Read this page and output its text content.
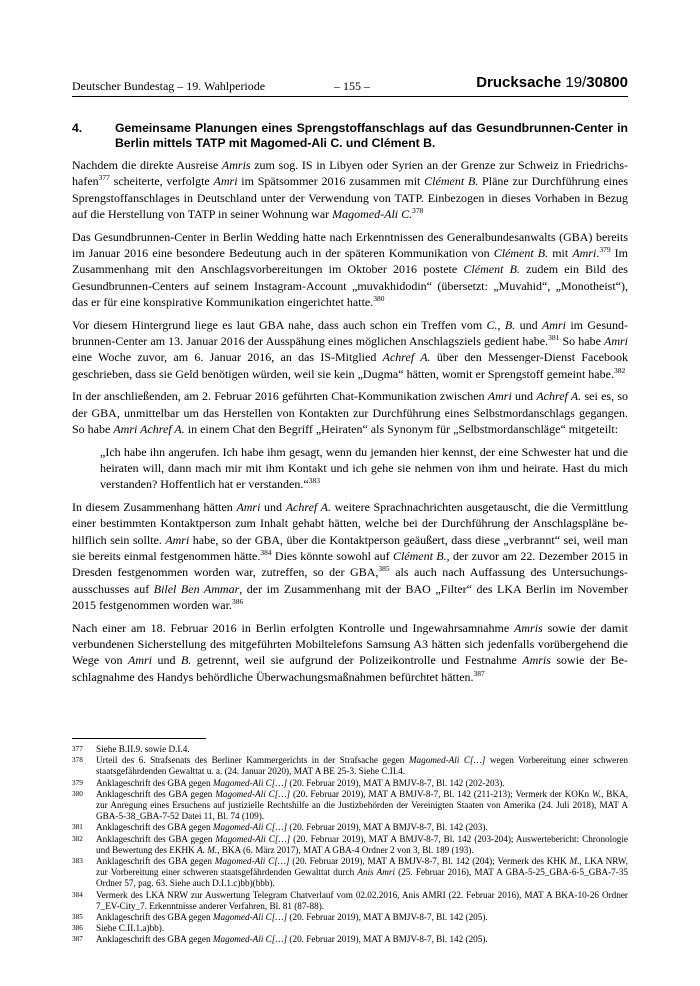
Deutscher Bundestag – 19. Wahlperiode	– 155 –	Drucksache 19/30800
4.	Gemeinsame Planungen eines Sprengstoffanschlags auf das Gesundbrunnen-Center in Berlin mittels TATP mit Magomed-Ali C. und Clément B.

Nachdem die direkte Ausreise Amris zum sog. IS in Libyen oder Syrien an der Grenze zur Schweiz in Friedrichshafen$^{377}$ scheiterte, verfolgte Amri im Spätsommer 2016 zusammen mit Clément B. Pläne zur Durchführung eines Sprengstoffanschlages in Deutschland unter der Verwendung von TATP. Einbezogen in dieses Vorhaben in Bezug auf die Herstellung von TATP in seiner Wohnung war Magomed-Ali C.$^{378}$

Das Gesundbrunnen-Center in Berlin Wedding hatte nach Erkenntnissen des Generalbundesanwalts (GBA) bereits im Januar 2016 eine besondere Bedeutung auch in der späteren Kommunikation von Clément B. mit Amri.$^{379}$ Im Zusammenhang mit den Anschlagsvorbereitungen im Oktober 2016 postete Clément B. zudem ein Bild des Gesundbrunnen-Centers auf seinem Instagram-Account „muvakhidodin“ (übersetzt: „Muvahid“, „Monotheist“), das er für eine konspirative Kommunikation eingerichtet hatte.$^{380}$

Vor diesem Hintergrund liege es laut GBA nahe, dass auch schon ein Treffen vom C., B. und Amri im Gesundbrunnen-Center am 13. Januar 2016 der Ausspähung eines möglichen Anschlagsziels gedient habe.$^{381}$ So habe Amri eine Woche zuvor, am 6. Januar 2016, an das IS-Mitglied Achref A. über den Messenger-Dienst Facebook geschrieben, dass sie Geld benötigen würden, weil sie kein „Dugma“ hätten, womit er Sprengstoff gemeint habe.$^{382}$

In der anschließenden, am 2. Februar 2016 geführten Chat-Kommunikation zwischen Amri und Achref A. sei es, so der GBA, unmittelbar um das Herstellen von Kontakten zur Durchführung eines Selbstmordanschlags gegangen. So habe Amri Achref A. in einem Chat den Begriff „Heiraten“ als Synonym für „Selbstmordanschläge“ mitgeteilt:

„Ich habe ihn angerufen. Ich habe ihm gesagt, wenn du jemanden hier kennst, der eine Schwester hat und die heiraten will, dann mach mir mit ihm Kontakt und ich gehe sie nehmen von ihm und heirate. Hast du mich verstanden? Hoffentlich hat er verstanden.“$^{383}$

In diesem Zusammenhang hätten Amri und Achref A. weitere Sprachnachrichten ausgetauscht, die die Vermittlung einer bestimmten Kontaktperson zum Inhalt gehabt hätten, welche bei der Durchführung der Anschlagspläne behilflich sein sollte. Amri habe, so der GBA, über die Kontaktperson geäußert, dass diese „verbrannt“ sei, weil man sie bereits einmal festgenommen hätte.$^{384}$ Dies könnte sowohl auf Clément B., der zuvor am 22. Dezember 2015 in Dresden festgenommen worden war, zutreffen, so der GBA,$^{385}$ als auch nach Auffassung des Untersuchungsausschusses auf Bilel Ben Ammar, der im Zusammenhang mit der BAO „Filter“ des LKA Berlin im November 2015 festgenommen worden war.$^{386}$

Nach einer am 18. Februar 2016 in Berlin erfolgten Kontrolle und Ingewahrsamnahme Amris sowie der damit verbundenen Sicherstellung des mitgeführten Mobiltelefons Samsung A3 hätten sich jedenfalls vorübergehend die Wege von Amri und B. getrennt, weil sie aufgrund der Polizeikontrolle und Festnahme Amris sowie der Beschlagnahme des Handys behördliche Überwachungsmaßnahmen befürchtet hätten.$^{387}$

377	Siehe B.II.9. sowie D.I.4.
378	Urteil des 6. Strafsenats des Berliner Kammergerichts in der Strafsache gegen Magomed-Ali C[…] wegen Vorbereitung einer schweren staatsgefährdenden Gewalttat u. a. (24. Januar 2020), MAT A BE 25-3. Siehe C.II.4.
379	Anklageschrift des GBA gegen Magomed-Ali C[…] (20. Februar 2019), MAT A BMJV-8-7, Bl. 142 (202-203).
380	Anklageschrift des GBA gegen Magomed-Ali C[…] (20. Februar 2019), MAT A BMJV-8-7, Bl. 142 (211-213); Vermerk der KOKn W., BKA, zur Anregung eines Ersuchens auf justizielle Rechtshilfe an die Justizbehörden der Vereinigten Staaten von Amerika (24. Juli 2018), MAT A GBA-5-38_GBA-7-52 Datei 11, Bl. 74 (109).
381	Anklageschrift des GBA gegen Magomed-Ali C[…] (20. Februar 2019), MAT A BMJV-8-7, Bl. 142 (203).
382	Anklageschrift des GBA gegen Magomed-Ali C[…] (20. Februar 2019), MAT A BMJV-8-7, Bl. 142 (203-204); Auswertebericht: Chronologie und Bewertung des EKHK A. M., BKA (6. März 2017), MAT A GBA-4 Ordner 2 von 3, Bl. 189 (193).
383	Anklageschrift des GBA gegen Magomed-Ali C[…] (20. Februar 2019), MAT A BMJV-8-7, Bl. 142 (204); Vermerk des KHK M., LKA NRW, zur Vorbereitung einer schweren staatsgefährdenden Gewalttat durch Anis Amri (25. Februar 2016), MAT A GBA-5-25_GBA-6-5_GBA-7-35 Ordner 57, pag. 63. Siehe auch D.I.1.c)bb)(bbb).
384	Vermerk des LKA NRW zur Auswertung Telegram Chatverlauf vom 02.02.2016, Anis AMRI (22. Februar 2016), MAT A BKA-10-26 Ordner 7_EV-City_7. Erkenntnisse anderer Verfahren, Bl. 81 (87-88).
385	Anklageschrift des GBA gegen Magomed-Ali C[…] (20. Februar 2019), MAT A BMJV-8-7, Bl. 142 (205).
386	Siehe C.II.1.a)bb).
387	Anklageschrift des GBA gegen Magomed-Ali C[…] (20. Februar 2019), MAT A BMJV-8-7, Bl. 142 (205).
